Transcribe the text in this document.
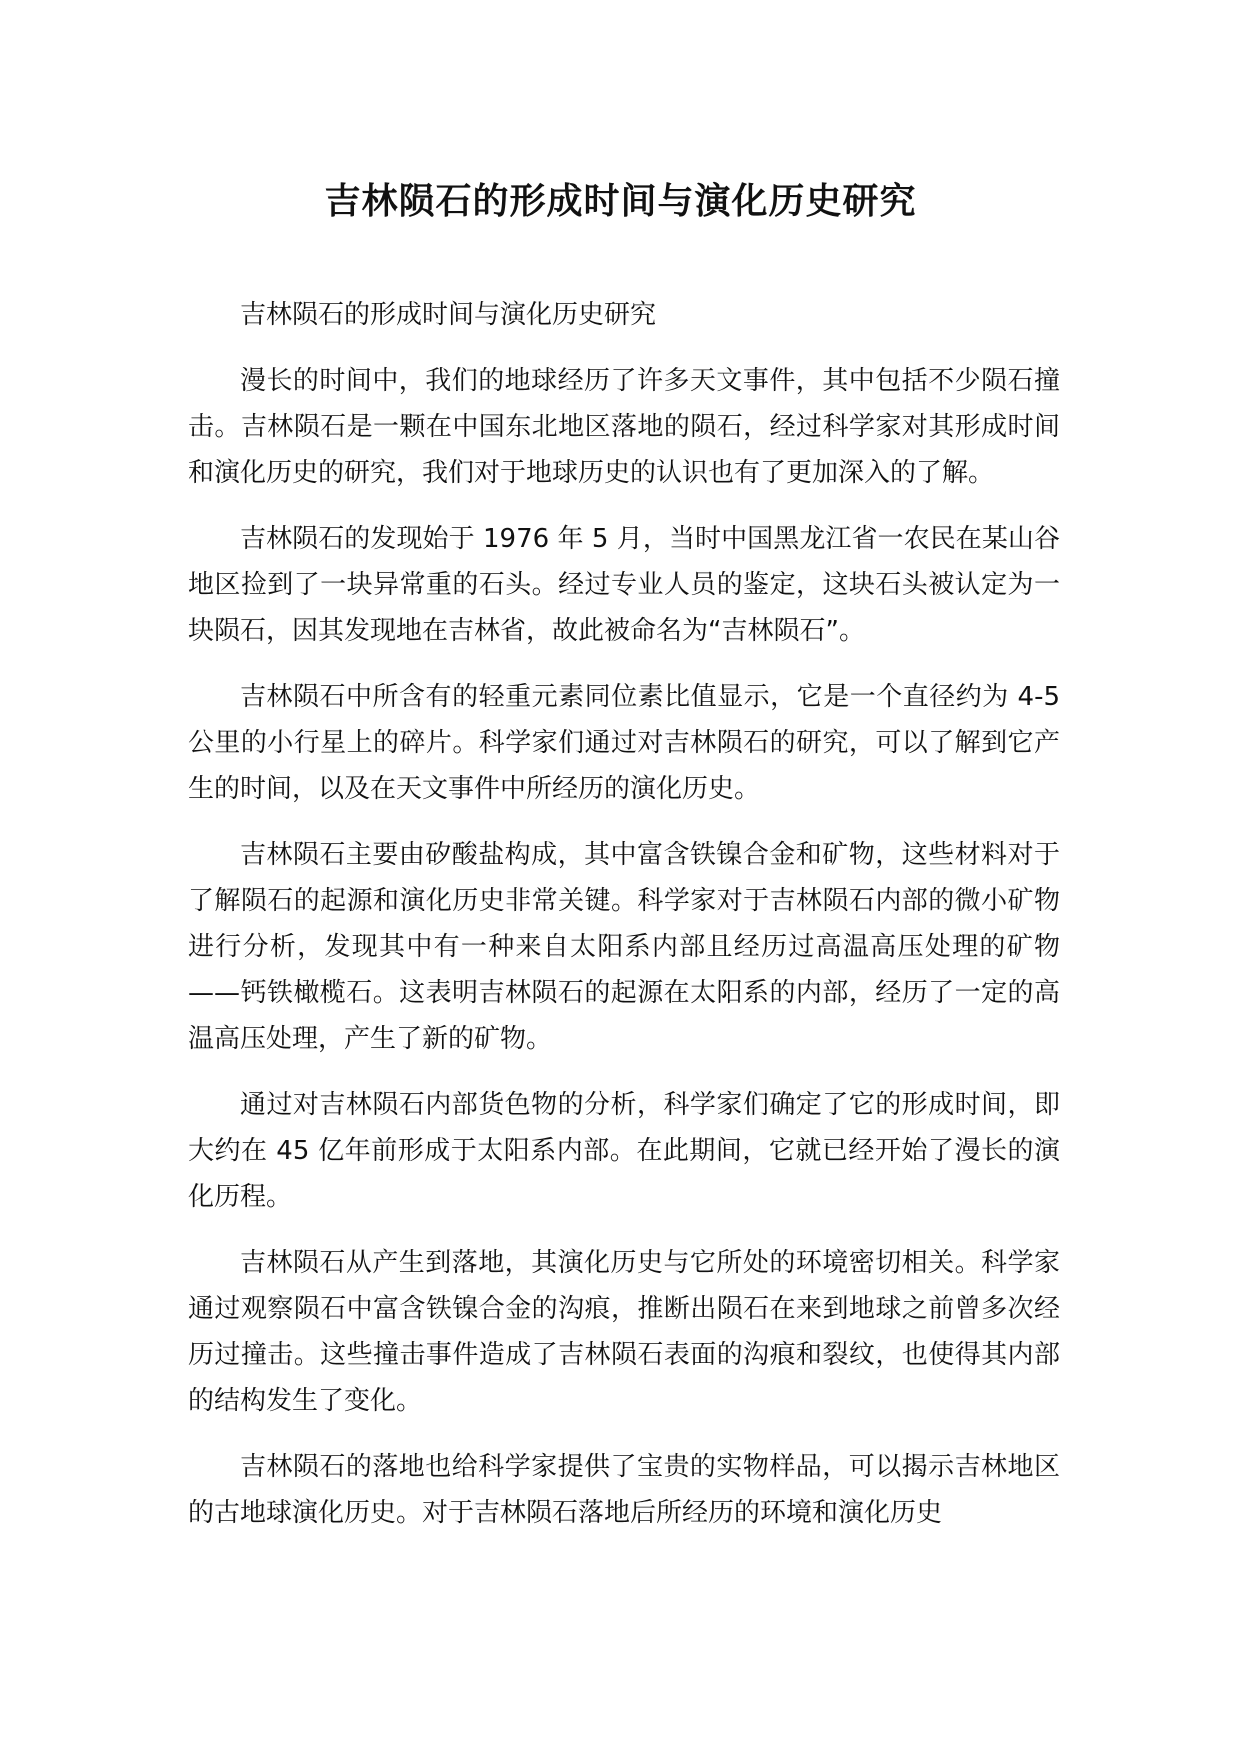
吉林陨石的形成时间与演化历史研究

吉林陨石的形成时间与演化历史研究

漫长的时间中，我们的地球经历了许多天文事件，其中包括不少陨石撞击。吉林陨石是一颗在中国东北地区落地的陨石，经过科学家对其形成时间和演化历史的研究，我们对于地球历史的认识也有了更加深入的了解。

吉林陨石的发现始于 1976 年 5 月，当时中国黑龙江省一农民在某山谷地区捡到了一块异常重的石头。经过专业人员的鉴定，这块石头被认定为一块陨石，因其发现地在吉林省，故此被命名为“吉林陨石”。

吉林陨石中所含有的轻重元素同位素比值显示，它是一个直径约为 4-5 公里的小行星上的碎片。科学家们通过对吉林陨石的研究，可以了解到它产生的时间，以及在天文事件中所经历的演化历史。

吉林陨石主要由矽酸盐构成，其中富含铁镍合金和矿物，这些材料对于了解陨石的起源和演化历史非常关键。科学家对于吉林陨石内部的微小矿物进行分析，发现其中有一种来自太阳系内部且经历过高温高压处理的矿物——钙铁橄榄石。这表明吉林陨石的起源在太阳系的内部，经历了一定的高温高压处理，产生了新的矿物。

通过对吉林陨石内部货色物的分析，科学家们确定了它的形成时间，即大约在 45 亿年前形成于太阳系内部。在此期间，它就已经开始了漫长的演化历程。

吉林陨石从产生到落地，其演化历史与它所处的环境密切相关。科学家通过观察陨石中富含铁镍合金的沟痕，推断出陨石在来到地球之前曾多次经历过撞击。这些撞击事件造成了吉林陨石表面的沟痕和裂纹，也使得其内部的结构发生了变化。

吉林陨石的落地也给科学家提供了宝贵的实物样品，可以揭示吉林地区的古地球演化历史。对于吉林陨石落地后所经历的环境和演化历史
